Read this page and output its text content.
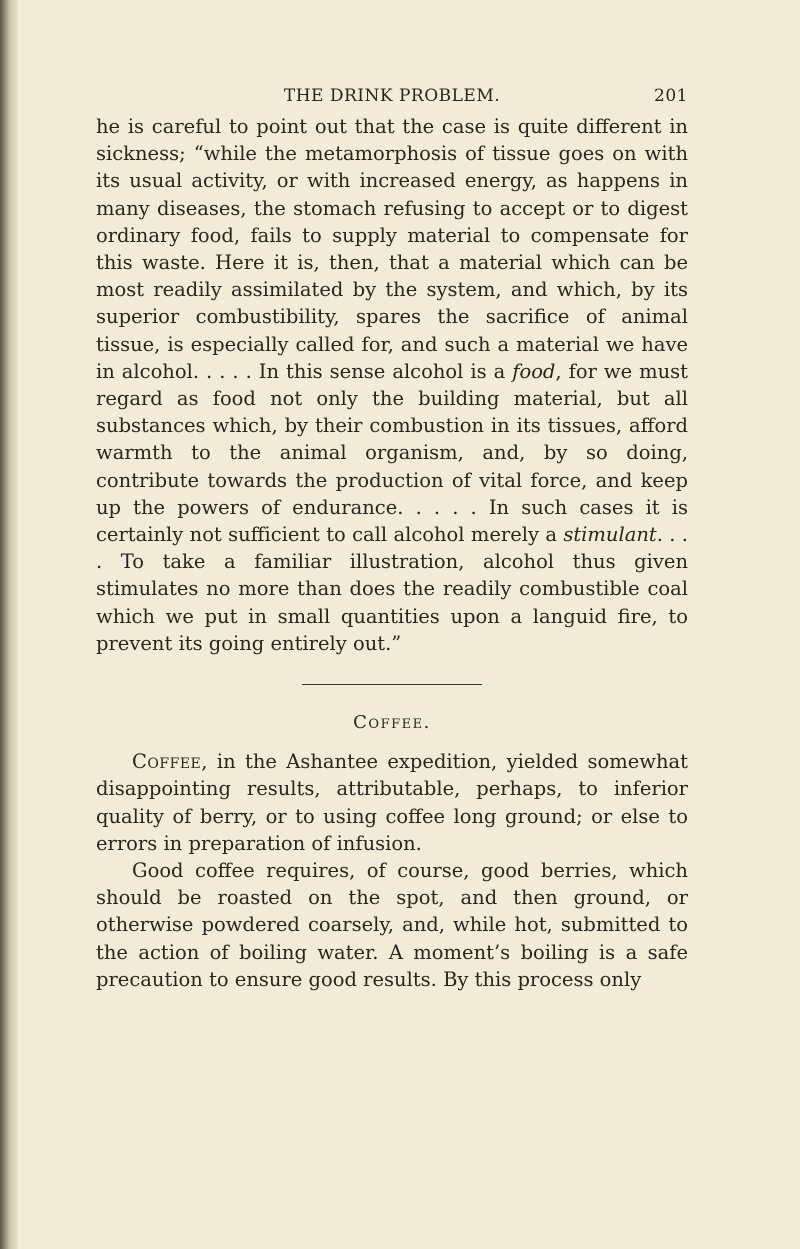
THE DRINK PROBLEM.	201

he is careful to point out that the case is quite different in sickness; “while the metamorphosis of tissue goes on with its usual activity, or with increased energy, as happens in many diseases, the stomach refusing to accept or to digest ordinary food, fails to supply material to compensate for this waste. Here it is, then, that a material which can be most readily assimilated by the system, and which, by its superior combustibility, spares the sacrifice of animal tissue, is especially called for, and such a material we have in alcohol. . . . . In this sense alcohol is a food, for we must regard as food not only the building material, but all substances which, by their combustion in its tissues, afford warmth to the animal organism, and, by so doing, contribute towards the production of vital force, and keep up the powers of endurance. . . . . In such cases it is certainly not sufficient to call alcohol merely a stimulant. . . . To take a familiar illustration, alcohol thus given stimulates no more than does the readily combustible coal which we put in small quantities upon a languid fire, to prevent its going entirely out.”

Coffee.

Coffee, in the Ashantee expedition, yielded somewhat disappointing results, attributable, perhaps, to inferior quality of berry, or to using coffee long ground; or else to errors in preparation of infusion.

Good coffee requires, of course, good berries, which should be roasted on the spot, and then ground, or otherwise powdered coarsely, and, while hot, submitted to the action of boiling water. A moment’s boiling is a safe precaution to ensure good results. By this process only
